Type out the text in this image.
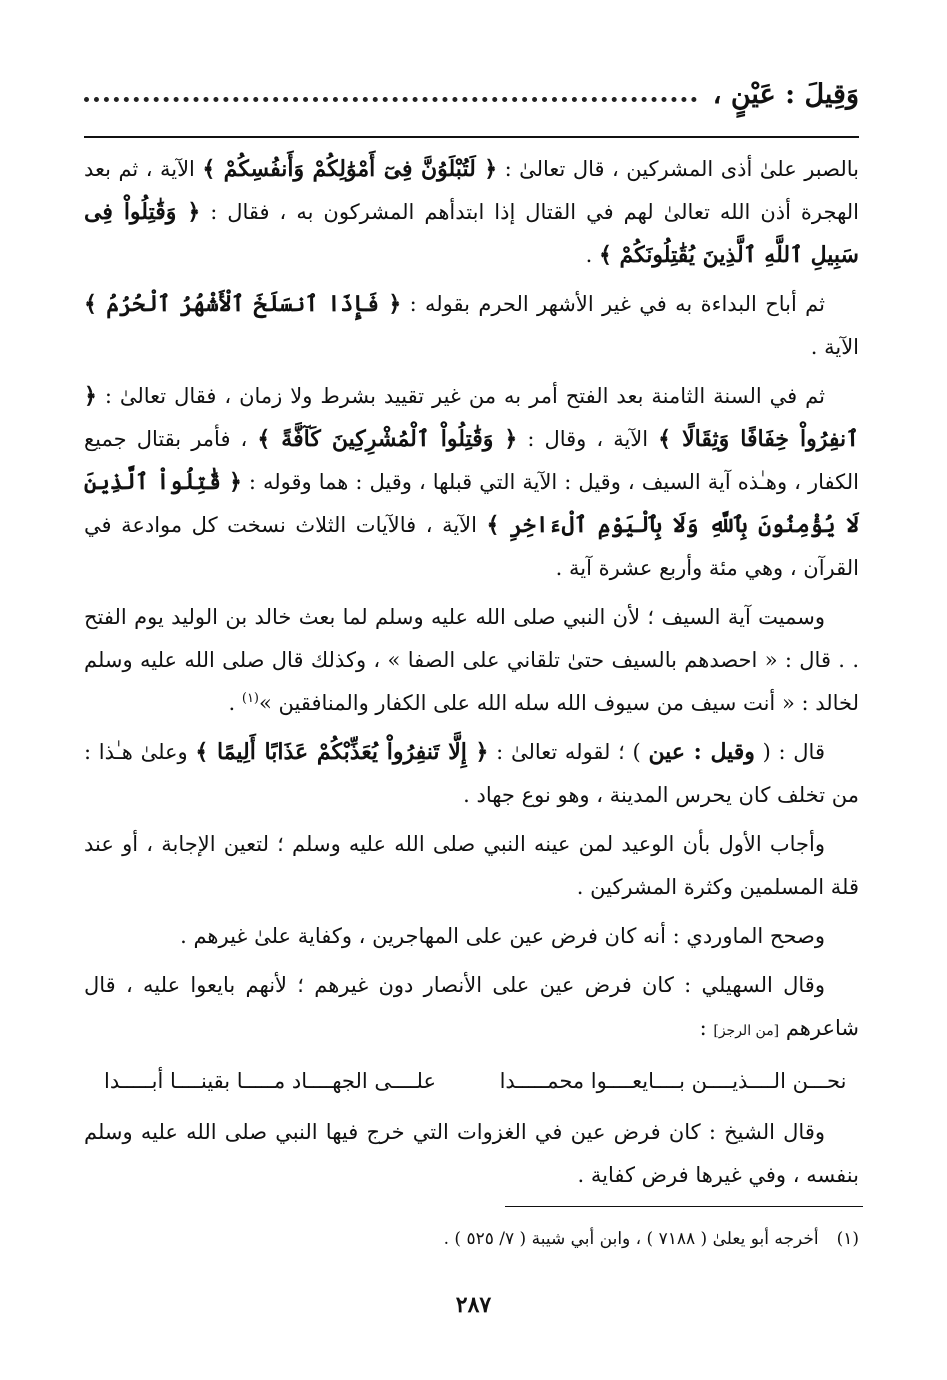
وَقِيلَ : عَيْنٍ ،

بالصبر علىٰ أذى المشركين ، قال تعالىٰ : ﴿ لَتُبْلَوُنَّ فِىٓ أَمْوَٰلِكُمْ وَأَنفُسِكُمْ ﴾ الآية ، ثم بعد الهجرة أذن الله تعالىٰ لهم في القتال إذا ابتدأهم المشركون به ، فقال : ﴿ وَقَٰتِلُواْ فِى سَبِيلِ ٱللَّهِ ٱلَّذِينَ يُقَٰتِلُونَكُمْ ﴾ .

ثم أباح البداءة به في غير الأشهر الحرم بقوله : ﴿ فَإِذَا ٱنسَلَخَ ٱلْأَشْهُرُ ٱلْحُرُمُ ﴾ الآية .

ثم في السنة الثامنة بعد الفتح أمر به من غير تقييد بشرط ولا زمان ، فقال تعالىٰ : ﴿ ٱنفِرُواْ خِفَافًا وَثِقَالًا ﴾ الآية ، وقال : ﴿ وَقَٰتِلُواْ ٱلْمُشْرِكِينَ كَآفَّةً ﴾ ، فأمر بقتال جميع الكفار ، وهـٰذه آية السيف ، وقيل : الآية التي قبلها ، وقيل : هما وقوله : ﴿ قَٰتِلُواْ ٱلَّذِينَ لَا يُؤْمِنُونَ بِٱللَّهِ وَلَا بِٱلْيَوْمِ ٱلْءَاخِرِ ﴾ الآية ، فالآيات الثلاث نسخت كل موادعة في القرآن ، وهي مئة وأربع عشرة آية .

وسميت آية السيف ؛ لأن النبي صلى الله عليه وسلم لما بعث خالد بن الوليد يوم الفتح . . قال : « احصدهم بالسيف حتىٰ تلقاني على الصفا » ، وكذلك قال صلى الله عليه وسلم لخالد : « أنت سيف من سيوف الله سله الله على الكفار والمنافقين »$^{(١)}$ .

قال : ( وقيل : عين ) ؛ لقوله تعالىٰ : ﴿ إِلَّا تَنفِرُواْ يُعَذِّبْكُمْ عَذَابًا أَلِيمًا ﴾ وعلىٰ هـٰذا : من تخلف كان يحرس المدينة ، وهو نوع جهاد .

وأجاب الأول بأن الوعيد لمن عينه النبي صلى الله عليه وسلم ؛ لتعين الإجابة ، أو عند قلة المسلمين وكثرة المشركين .

وصحح الماوردي : أنه كان فرض عين على المهاجرين ، وكفاية علىٰ غيرهم .

وقال السهيلي : كان فرض عين على الأنصار دون غيرهم ؛ لأنهم بايعوا عليه ، قال شاعرهم [من الرجز] :

نحـــن الــــذيــــن بــــايعــــوا محمـــــدا
علــــى الجهــــاد مـــــا بقينــــا أبـــــدا

وقال الشيخ : كان فرض عين في الغزوات التي خرج فيها النبي صلى الله عليه وسلم بنفسه ، وفي غيرها فرض كفاية .

(١)أخرجه أبو يعلىٰ ( ٧١٨٨ ) ، وابن أبي شيبة ( ٧/ ٥٢٥ ) .
٢٨٧
